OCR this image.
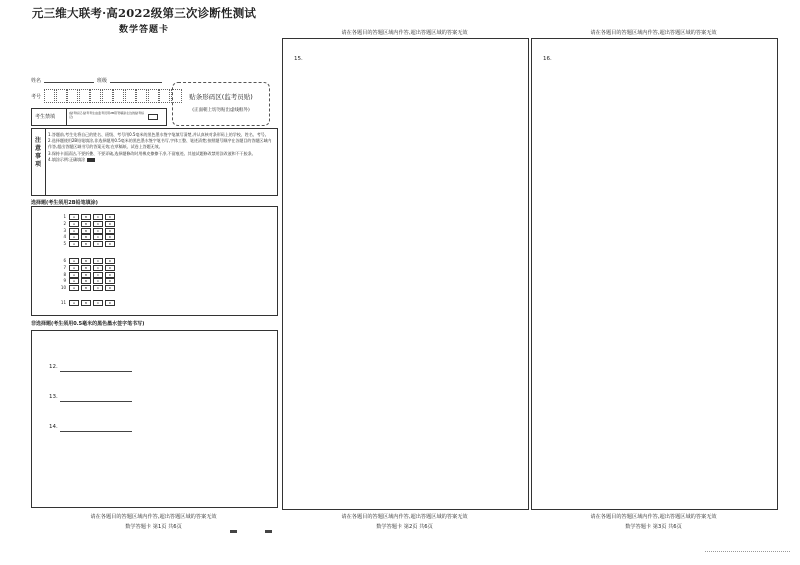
元三维大联考·高2022级第三次诊断性测试
数学答题卡
姓名	班级
考号	贴条形码区(监考员贴)
(正面朝上切勿贴出虚线框外)
考生禁填
(缺考标记,缺考考生由监考员用2B铅笔填涂左边的缺考标记)
注意事项
1.答题前,考生先将自己的姓名、班级、考号用0.5毫米的黑色墨水签字笔填写清楚,并认真核对条形码上的学校、姓名、考号。
2.选择题使用2B铅笔填涂,非选择题用0.5毫米的黑色墨水签字笔书写,字体工整、笔迹清楚;按照题号顺序在各题目的答题区域内作答,超出答题区域书写的答案无效;在草稿纸、试卷上答题无效。
3.保持卡面清洁,不要折叠、不要弄破,选择题修改时用橡皮擦擦干净,不留痕迹。其他试题修改禁用涂改液和不干胶条。
4.填涂示例:正确填涂
选择题(考生须用2B铅笔填涂)
1 A	B	C	D
2 A	B	C	D
3 A	B	C	D
4 A	B	C	D
5 A	B	C	D
6 A	B	C	D
7 A	B	C	D
8 A	B	C	D
9 A	B	C	D
10 A	B	C	D
11 A	B	C	D
非选择题(考生须用0.5毫米的黑色墨水签字笔书写)
12.
13.
14.
请在各题目的答题区域内作答,超出答题区域的答案无效
数学答题卡 第1页 共6页
请在各题目的答题区域内作答,超出答题区域的答案无效
15.
请在各题目的答题区域内作答,超出答题区域的答案无效
数学答题卡 第2页 共6页
请在各题目的答题区域内作答,超出答题区域的答案无效
16.
请在各题目的答题区域内作答,超出答题区域的答案无效
数学答题卡 第3页 共6页
